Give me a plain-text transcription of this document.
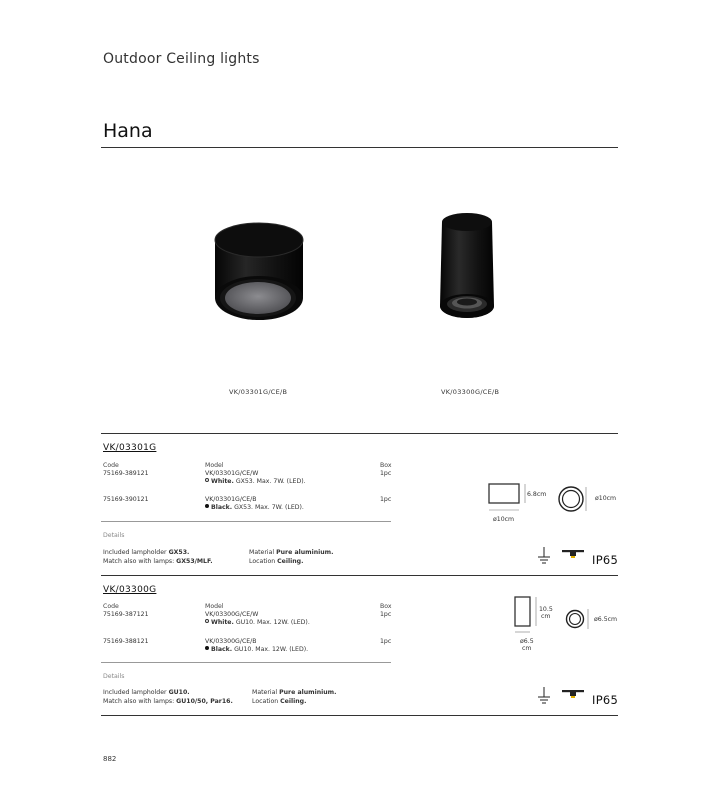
Outdoor Ceiling lights
Hana
VK/03301G/CE/B	VK/03300G/CE/B
VK/03301G
Code	Model	Box
75169-389121	VK/03301G/CE/W
White. GX53. Max. 7W. (LED).
1pc
75169-390121	VK/03301G/CE/B
Black. GX53. Max. 7W. (LED).
1pc
6.8cm
ø10cm
ø10cm
Details
Included lampholder GX53.
Match also with lamps: GX53/MLF.
Material Pure aluminium.
Location Ceiling.	IP65
VK/03300G
Code	Model	Box
75169-387121	VK/03300G/CE/W
White. GU10. Max. 12W. (LED).
1pc
75169-388121	VK/03300G/CE/B
Black. GU10. Max. 12W. (LED).
1pc
10.5
cm
ø6.5
cm
ø6.5cm
Details
Included lampholder GU10.
Match also with lamps: GU10/50, Par16.
Material Pure aluminium.
Location Ceiling.	IP65
882
